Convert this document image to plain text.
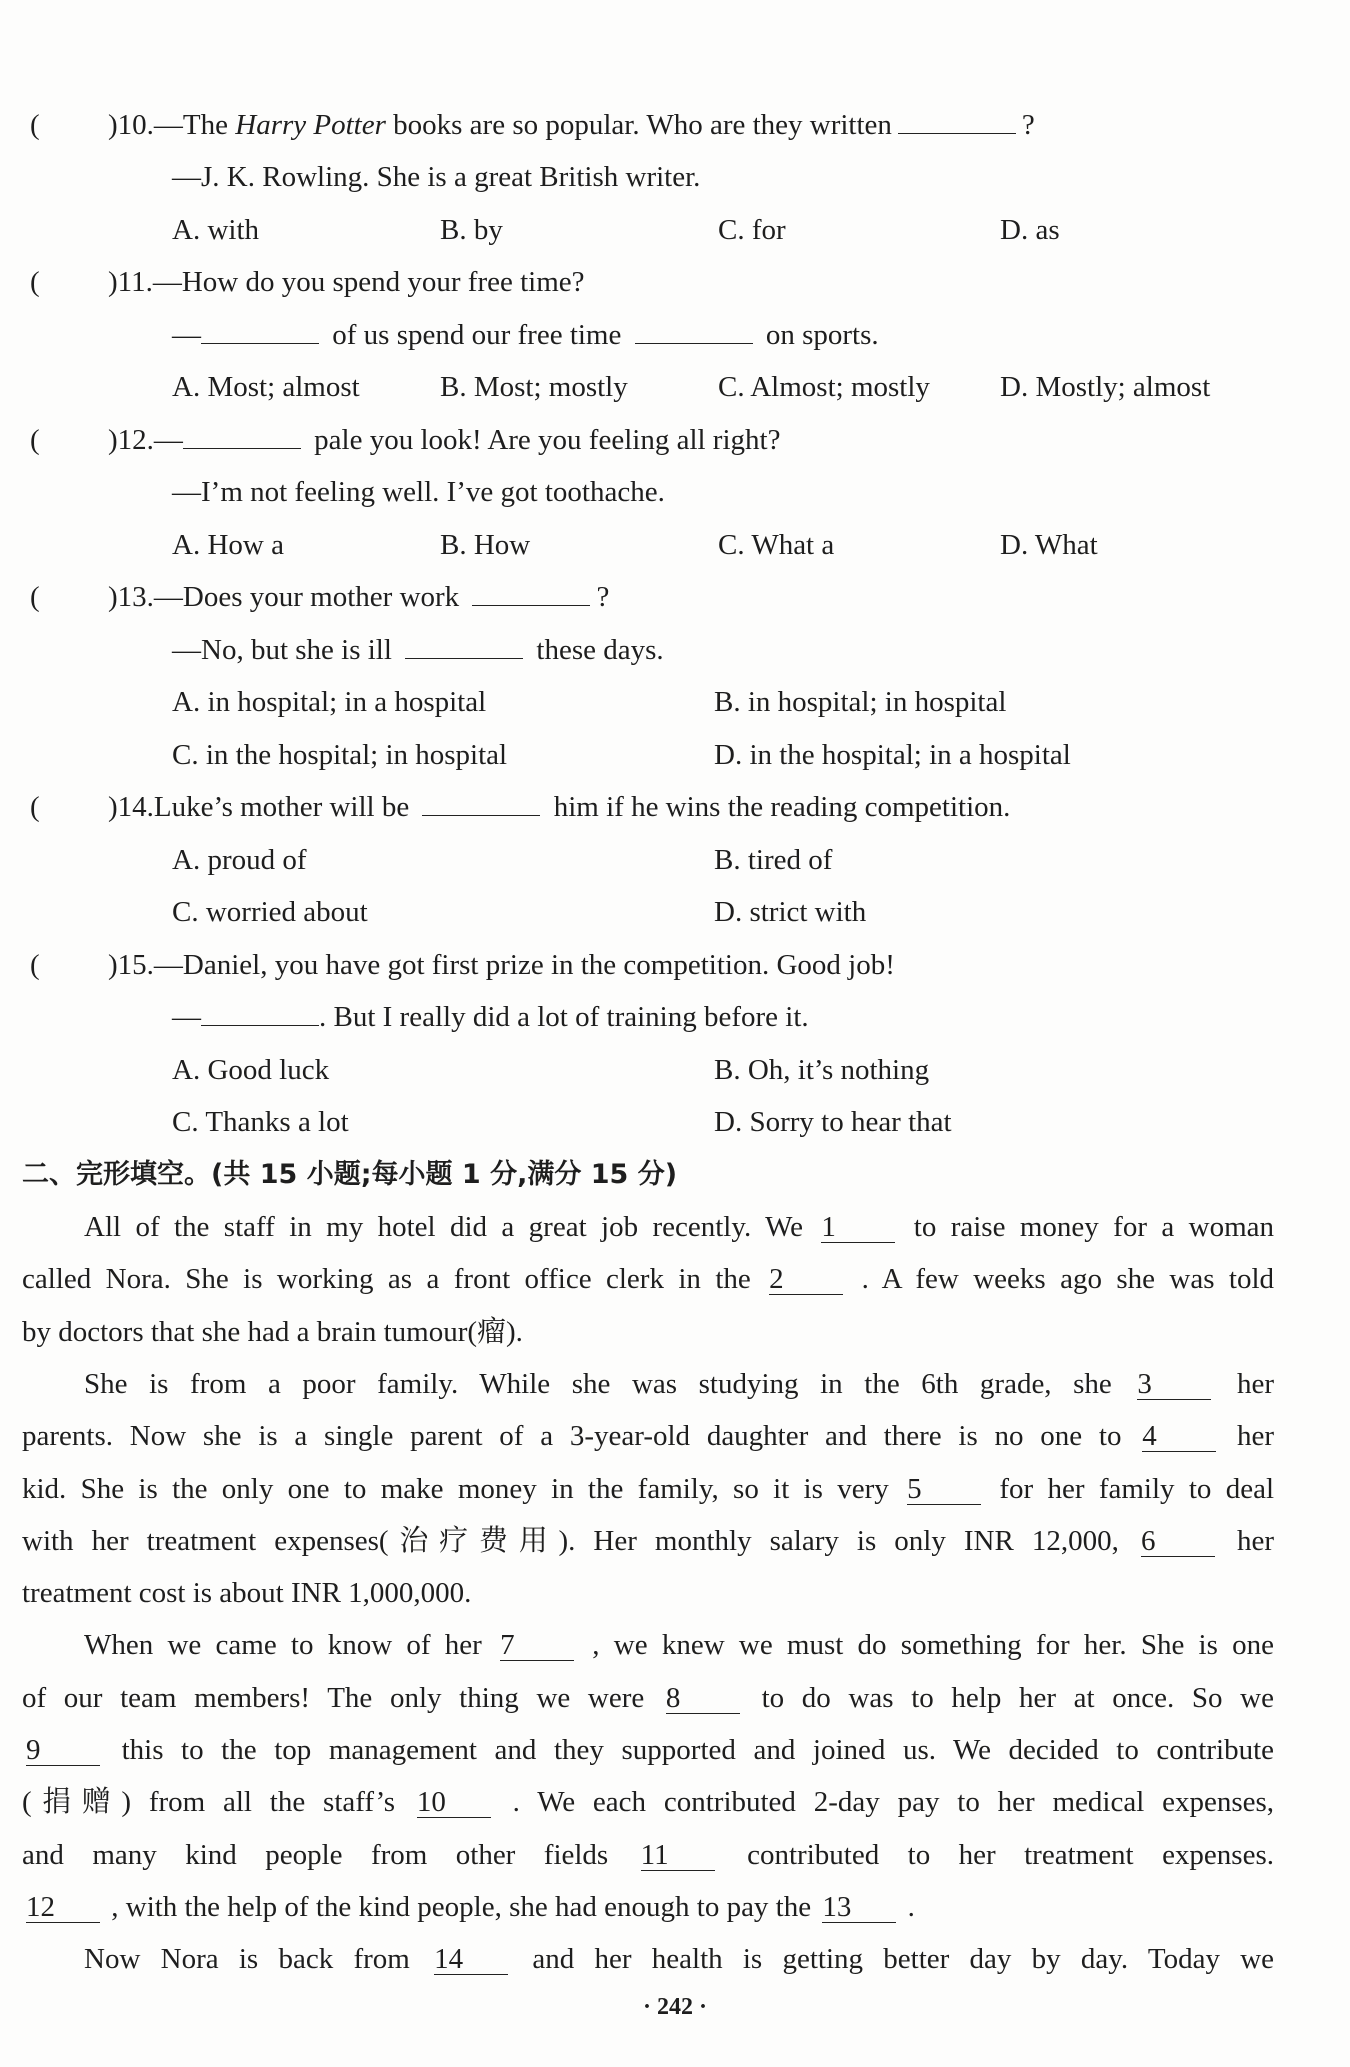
( )10.—The Harry Potter books are so popular. Who are they written	?
—J. K. Rowling. She is a great British writer.
A. with	B. by	C. for	D. as
( )11.—How do you spend your free time?
—	of us spend our free time	on sports.
A. Most; almost	B. Most; mostly	C. Almost; mostly D. Mostly; almost
( )12.—	pale you look! Are you feeling all right?
—I’m not feeling well. I’ve got toothache.
A. How a	B. How	C. What a	D. What
( )13.—Does your mother work	?
—No, but she is ill	these days.
A. in hospital; in a hospital	B. in hospital; in hospital
C. in the hospital; in hospital	D. in the hospital; in a hospital
( )14.Luke’s mother will be	him if he wins the reading competition.
A. proud of	B. tired of
C. worried about	D. strict with
( )15.—Daniel, you have got first prize in the competition. Good job!
—	. But I really did a lot of training before it.
A. Good luck	B. Oh, it’s nothing
C. Thanks a lot	D. Sorry to hear that
二、完形填空。(共 15 小题;每小题 1 分,满分 15 分)
All of the staff in my hotel did a great job recently. We 1	to raise money for a woman
called Nora. She is working as a front office clerk in the 2	. A few weeks ago she was told
by doctors that she had a brain tumour(瘤).
She is from a poor family. While she was studying in the 6th grade, she 3	her
parents. Now she is a single parent of a 3-year-old daughter and there is no one to 4	her
kid. She is the only one to make money in the family, so it is very 5	for her family to deal
with her treatment expenses(治疗费用). Her monthly salary is only INR 12,000, 6	her
treatment cost is about INR 1,000,000.
When we came to know of her 7	, we knew we must do something for her. She is one
of our team members! The only thing we were 8	to do was to help her at once. So we
9	this to the top management and they supported and joined us. We decided to contribute
(捐赠) from all the staff’s 10 . We each contributed 2-day pay to her medical expenses,
and many kind people from other fields 11	contributed to her treatment expenses.
12 , with the help of the kind people, she had enough to pay the 13 .
Now Nora is back from 14 and her health is getting better day by day. Today we
· 242 ·
